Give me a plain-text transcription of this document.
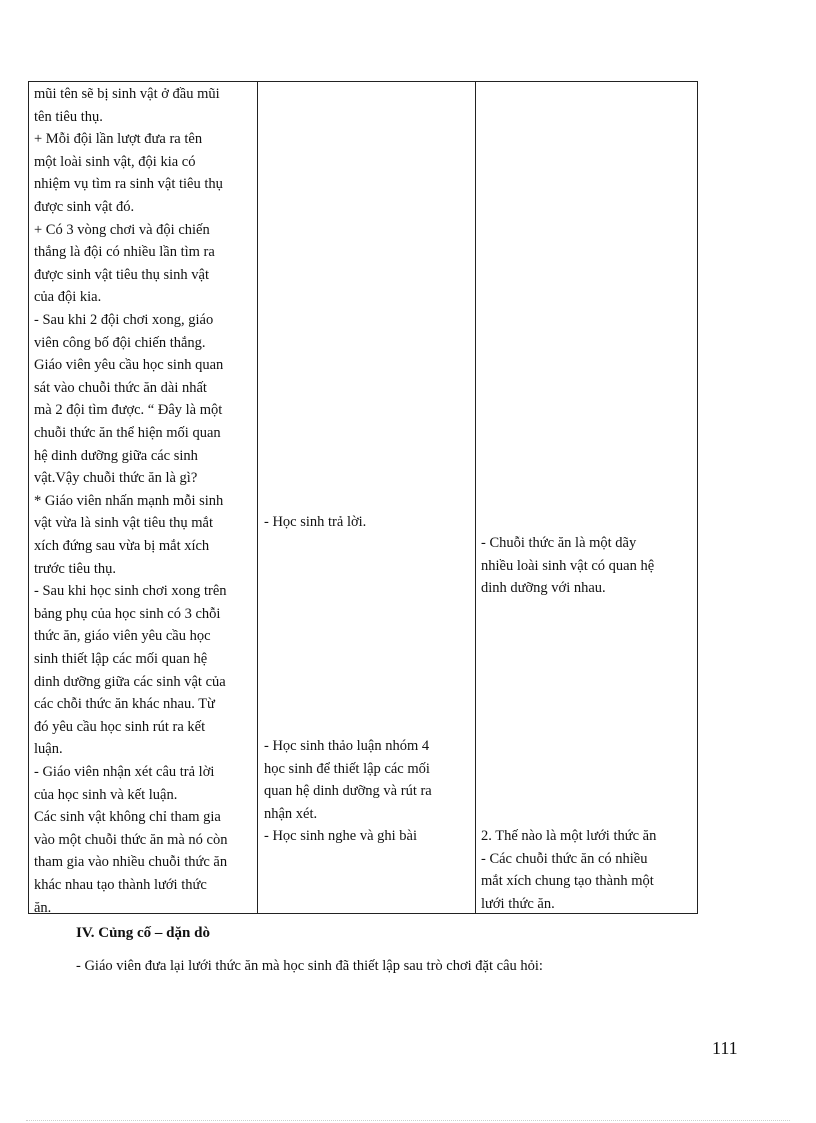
mũi tên sẽ bị sinh vật ở đầu mũi
tên tiêu thụ.
+ Mỗi đội lần lượt đưa ra tên
một loài sinh vật, đội kia có
nhiệm vụ tìm ra sinh vật tiêu thụ
được sinh vật đó.
+ Có 3 vòng chơi và đội chiến
thắng là đội có nhiều lần tìm ra
được sinh vật tiêu thụ sinh vật
của đội kia.
- Sau khi 2 đội chơi xong, giáo
viên công bố đội chiến thắng.
Giáo viên yêu cầu học sinh quan
sát vào chuỗi thức ăn dài nhất
mà 2 đội tìm được. “ Đây là một
chuỗi thức ăn thể hiện mối quan
hệ dinh dưỡng giữa các sinh
vật.Vậy chuỗi thức ăn là gì?
* Giáo viên nhấn mạnh mỗi sinh
vật vừa là sinh vật tiêu thụ mắt
xích đứng sau vừa bị mắt xích
trước tiêu thụ.
- Sau khi học sinh chơi xong trên
bảng phụ của học sinh có 3 chỗi
thức ăn, giáo viên yêu cầu học
sinh thiết lập các mối quan hệ
dinh dưỡng giữa các sinh vật của
các chỗi thức ăn khác nhau. Từ
đó yêu cầu học sinh rút ra kết
luận.
- Giáo viên nhận xét câu trả lời
của học sinh và kết luận.
Các sinh vật không chỉ tham gia
vào một chuỗi thức ăn mà nó còn
tham gia vào nhiều chuỗi thức ăn
khác nhau tạo thành lưới thức
ăn.
- Học sinh trả lời.
- Học sinh thảo luận nhóm 4
học sinh để thiết lập các mối
quan hệ dinh dưỡng và rút ra
nhận xét.
- Học sinh nghe và ghi bài
- Chuỗi thức ăn là một dãy
nhiều loài sinh vật có quan hệ
dinh dưỡng với nhau.
2. Thế nào là một lưới thức ăn
- Các chuỗi thức ăn có nhiều
mắt xích chung tạo thành một
lưới thức ăn.
IV. Củng cố – dặn dò
- Giáo viên đưa lại lưới thức ăn mà học sinh đã thiết lập sau trò chơi đặt câu hỏi:
111
